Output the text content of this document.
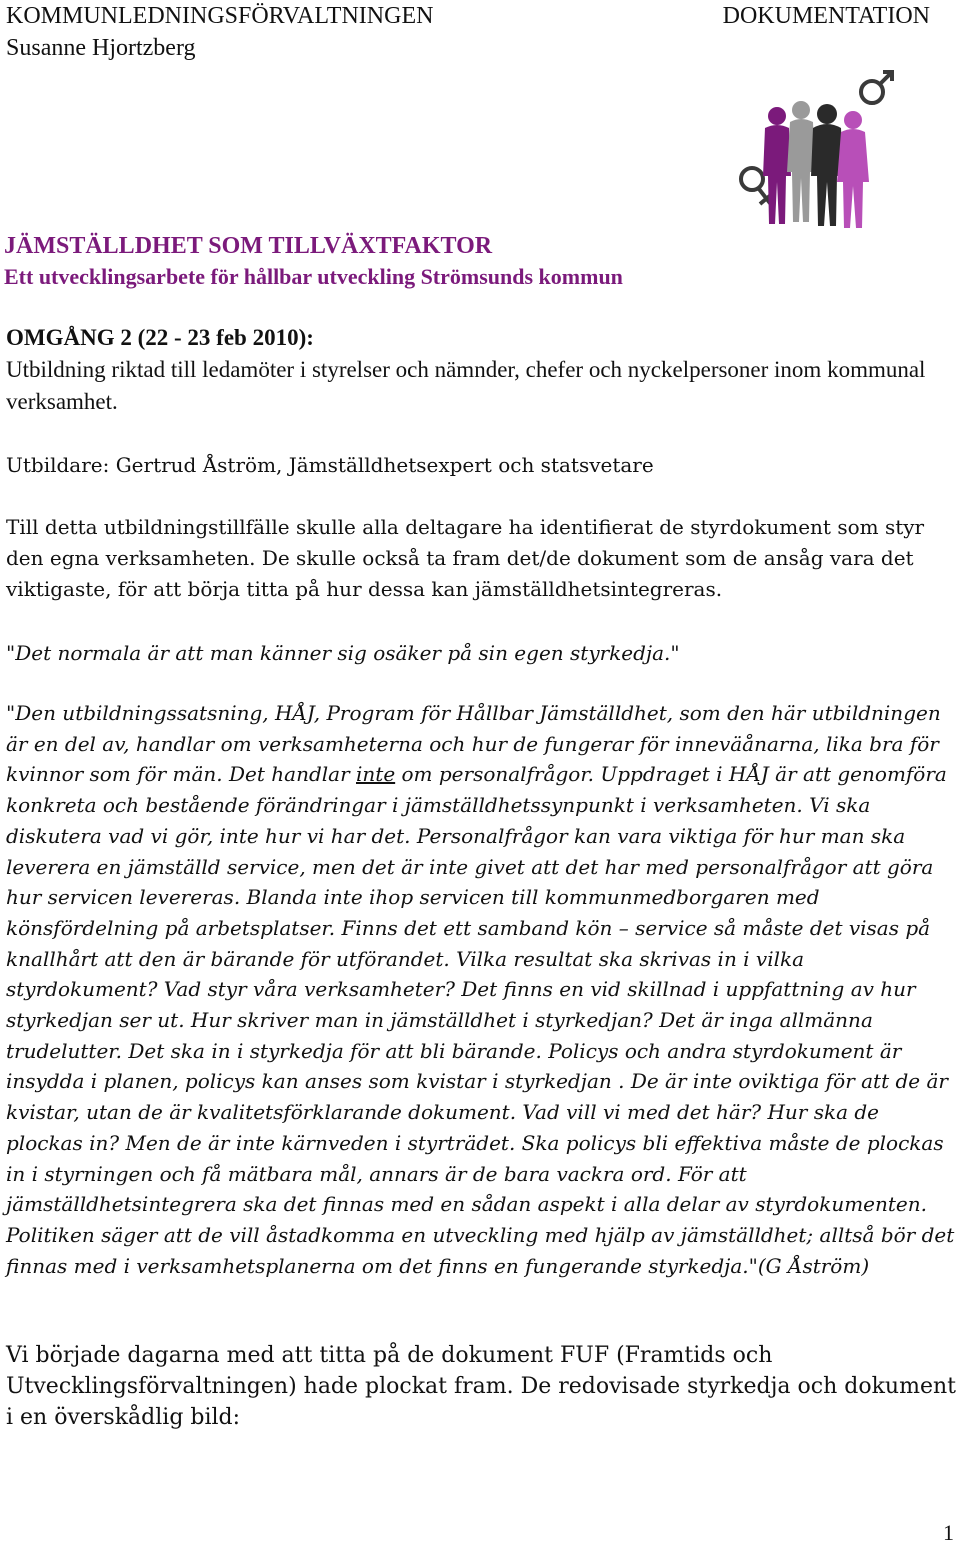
KOMMUNLEDNINGSFÖRVALTNINGEN
Susanne Hjortzberg
DOKUMENTATION
JÄMSTÄLLDHET SOM TILLVÄXTFAKTOR
Ett utvecklingsarbete för hållbar utveckling Strömsunds kommun
OMGÅNG 2 (22 - 23 feb 2010):
Utbildning riktad till ledamöter i styrelser och nämnder, chefer och nyckelpersoner inom kommunal verksamhet.
Utbildare: Gertrud Åström, Jämställdhetsexpert och statsvetare
Till detta utbildningstillfälle skulle alla deltagare ha identifierat de styrdokument som styr den egna verksamheten. De skulle också ta fram det/de dokument som de ansåg vara det viktigaste, för att börja titta på hur dessa kan jämställdhetsintegreras.
"Det normala är att man känner sig osäker på sin egen styrkedja."
"Den utbildningssatsning, HÅJ, Program för Hållbar Jämställdhet, som den här utbildningen är en del av, handlar om verksamheterna och hur de fungerar för inneväånarna, lika bra för kvinnor som för män. Det handlar inte om personalfrågor. Uppdraget i HÅJ är att genomföra konkreta och bestående förändringar i jämställdhetssynpunkt i verksamheten. Vi ska diskutera vad vi gör, inte hur vi har det. Personalfrågor kan vara viktiga för hur man ska leverera en jämställd service, men det är inte givet att det har med personalfrågor att göra hur servicen levereras. Blanda inte ihop servicen till kommunmedborgaren med könsfördelning på arbetsplatser. Finns det ett samband kön – service så måste det visas på knallhårt att den är bärande för utförandet. Vilka resultat ska skrivas in i vilka styrdokument? Vad styr våra verksamheter? Det finns en vid skillnad i uppfattning av hur styrkedjan ser ut. Hur skriver man in jämställdhet i styrkedjan? Det är inga allmänna trudelutter. Det ska in i styrkedja för att bli bärande. Policys och andra styrdokument är insydda i planen, policys kan anses som kvistar i styrkedjan . De är inte oviktiga för att de är kvistar, utan de är kvalitetsförklarande dokument. Vad vill vi med det här? Hur ska de plockas in? Men de är inte kärnveden i styrträdet. Ska policys bli effektiva måste de plockas in i styrningen och få mätbara mål, annars är de bara vackra ord. För att jämställdhetsintegrera ska det finnas med en sådan aspekt i alla delar av styrdokumenten. Politiken säger att de vill åstadkomma en utveckling med hjälp av jämställdhet; alltså bör det finnas med i verksamhetsplanerna om det finns en fungerande styrkedja."(G Åström)
Vi började dagarna med att titta på de dokument FUF (Framtids och Utvecklingsförvaltningen) hade plockat fram. De redovisade styrkedja och dokument i en överskådlig bild:
1
